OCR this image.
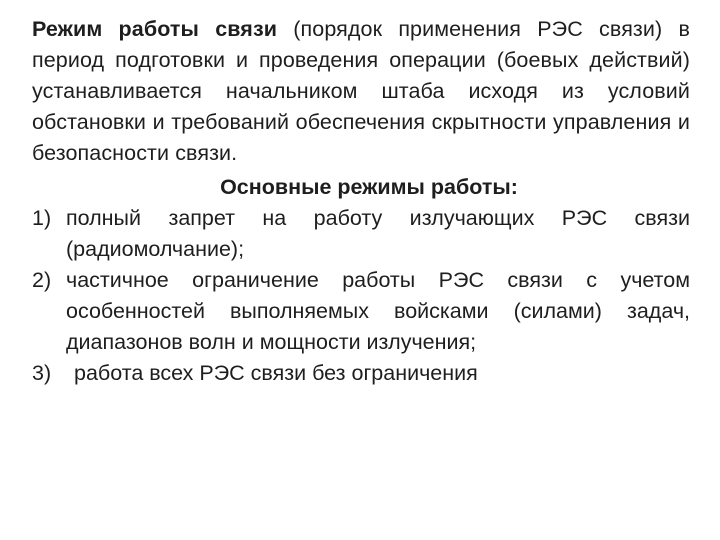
Режим работы связи (порядок применения РЭС связи) в период подготовки и проведения операции (боевых действий) устанавливается начальником штаба исходя из условий обстановки и требований обеспечения скрытности управления и безопасности связи.

Основные режимы работы:
1) полный запрет на работу излучающих РЭС связи (радиомолчание);
2) частичное ограничение работы РЭС связи с учетом особенностей выполняемых войсками (силами) задач, диапазонов волн и мощности излучения;
3) работа всех РЭС связи без ограничения
